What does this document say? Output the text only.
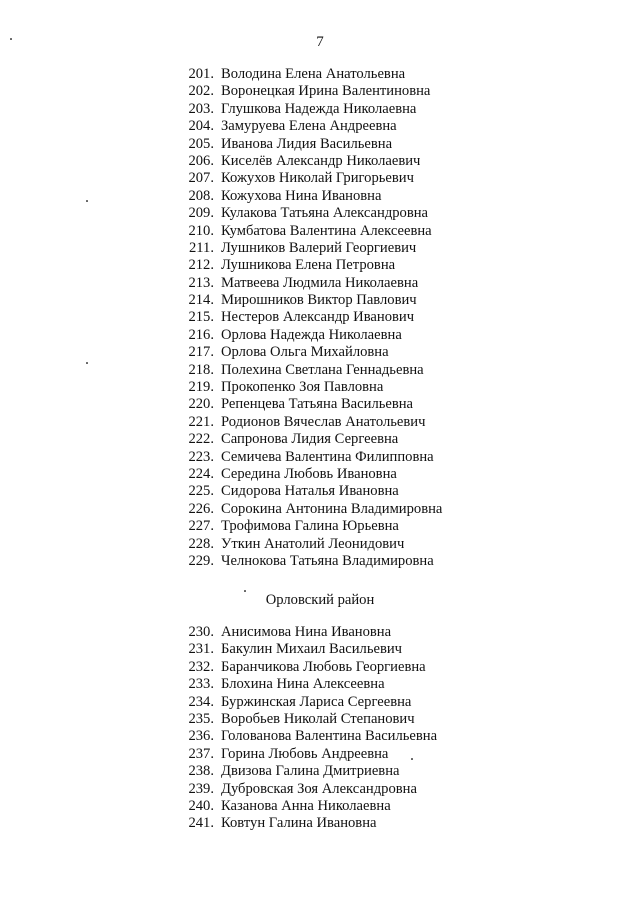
7
201. Володина Елена Анатольевна
202. Воронецкая Ирина Валентиновна
203. Глушкова Надежда Николаевна
204. Замуруева Елена Андреевна
205. Иванова Лидия Васильевна
206. Киселёв Александр Николаевич
207. Кожухов Николай Григорьевич
208. Кожухова Нина Ивановна
209. Кулакова Татьяна Александровна
210. Кумбатова Валентина Алексеевна
211. Лушников Валерий Георгиевич
212. Лушникова Елена Петровна
213. Матвеева Людмила Николаевна
214. Мирошников Виктор Павлович
215. Нестеров Александр Иванович
216. Орлова Надежда Николаевна
217. Орлова Ольга Михайловна
218. Полехина Светлана Геннадьевна
219. Прокопенко Зоя Павловна
220. Репенцева Татьяна Васильевна
221. Родионов Вячеслав Анатольевич
222. Сапронова Лидия Сергеевна
223. Семичева Валентина Филипповна
224. Середина Любовь Ивановна
225. Сидорова Наталья Ивановна
226. Сорокина Антонина Владимировна
227. Трофимова Галина Юрьевна
228. Уткин Анатолий Леонидович
229. Челнокова Татьяна Владимировна
Орловский район
230. Анисимова Нина Ивановна
231. Бакулин Михаил Васильевич
232. Баранчикова Любовь Георгиевна
233. Блохина Нина Алексеевна
234. Буржинская Лариса Сергеевна
235. Воробьев Николай Степанович
236. Голованова Валентина Васильевна
237. Горина Любовь Андреевна
238. Двизова Галина Дмитриевна
239. Дубровская Зоя Александровна
240. Казанова Анна Николаевна
241. Ковтун Галина Ивановна
